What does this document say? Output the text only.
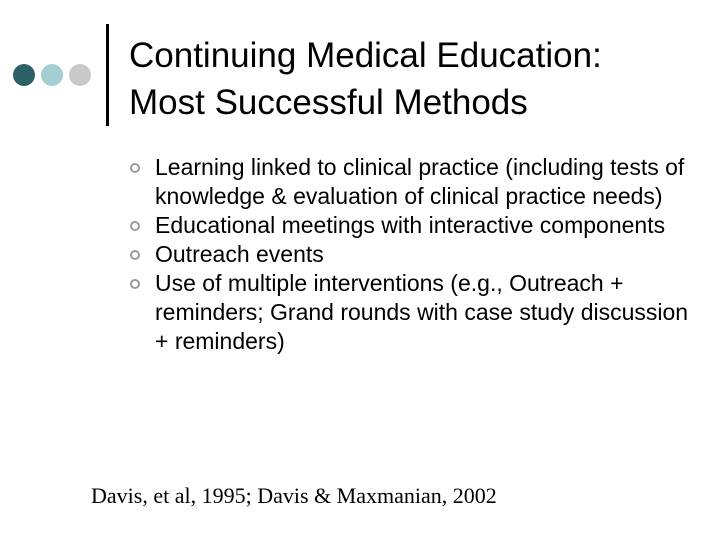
Continuing Medical Education:
Most Successful Methods
Learning linked to clinical practice (including tests of knowledge & evaluation of clinical practice needs)
Educational meetings with interactive components
Outreach events
Use of multiple interventions (e.g., Outreach + reminders; Grand rounds with case study discussion + reminders)

Davis, et al, 1995; Davis & Maxmanian, 2002
